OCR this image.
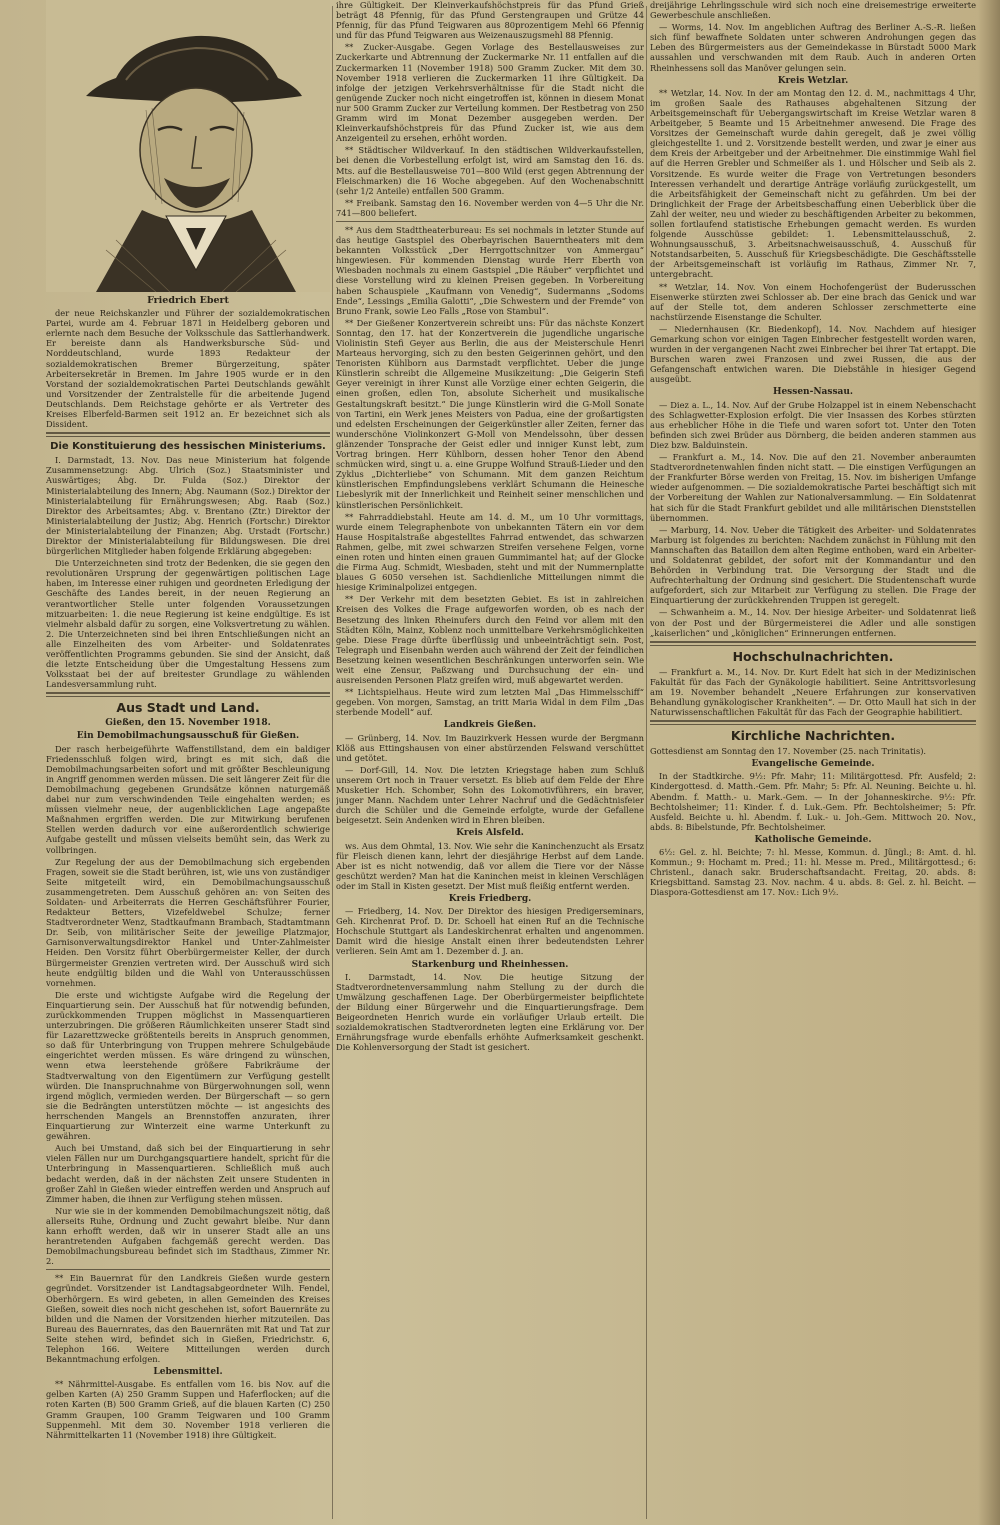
Friedrich Ebert

der neue Reichskanzler und Führer der sozialdemokratischen Partei, wurde am 4. Februar 1871 in Heidelberg geboren und erlernte nach dem Besuche der Volksschule das Sattlerhandwerk. Er bereiste dann als Handwerksbursche Süd- und Norddeutschland, wurde 1893 Redakteur der sozialdemokratischen Bremer Bürgerzeitung, später Arbeitersekretär in Bremen. Im Jahre 1905 wurde er in den Vorstand der sozialdemokratischen Partei Deutschlands gewählt und Vorsitzender der Zentralstelle für die arbeitende Jugend Deutschlands. Dem Reichstage gehörte er als Vertreter des Kreises Elberfeld-Barmen seit 1912 an. Er bezeichnet sich als Dissident.

Die Konstituierung des hessischen Ministeriums.

I. Darmstadt, 13. Nov. Das neue Ministerium hat folgende Zusammensetzung: Abg. Ulrich (Soz.) Staatsminister und Auswärtiges; Abg. Dr. Fulda (Soz.) Direktor der Ministerialabteilung des Innern; Abg. Naumann (Soz.) Direktor der Ministerialabteilung für Ernährungswesen; Abg. Raab (Soz.) Direktor des Arbeitsamtes; Abg. v. Brentano (Ztr.) Direktor der Ministerialabteilung der Justiz; Abg. Henrich (Fortschr.) Direktor der Ministerialabteilung der Finanzen; Abg. Urstadt (Fortschr.) Direktor der Ministerialabteilung für Bildungswesen. Die drei bürgerlichen Mitglieder haben folgende Erklärung abgegeben:

Die Unterzeichneten sind trotz der Bedenken, die sie gegen den revolutionären Ursprung der gegenwärtigen politischen Lage haben, im Interesse einer ruhigen und geordneten Erledigung der Geschäfte des Landes bereit, in der neuen Regierung an verantwortlicher Stelle unter folgenden Voraussetzungen mitzuarbeiten: 1. die neue Regierung ist keine endgültige. Es ist vielmehr alsbald dafür zu sorgen, eine Volksvertretung zu wählen. 2. Die Unterzeichneten sind bei ihren Entschließungen nicht an alle Einzelheiten des vom Arbeiter- und Soldatenrates veröffentlichten Programms gebunden. Sie sind der Ansicht, daß die letzte Entscheidung über die Umgestaltung Hessens zum Volksstaat bei der auf breitester Grundlage zu wählenden Landesversammlung ruht.

Aus Stadt und Land.
Gießen, den 15. November 1918.
Ein Demobilmachungsausschuß für Gießen.

Der rasch herbeigeführte Waffenstillstand, dem ein baldiger Friedensschluß folgen wird, bringt es mit sich, daß die Demobilmachungsarbeiten sofort und mit größter Beschleunigung in Angriff genommen werden müssen. Die seit längerer Zeit für die Demobilmachung gegebenen Grundsätze können naturgemäß dabei nur zum verschwindenden Teile eingehalten werden; es müssen vielmehr neue, der augenblicklichen Lage angepaßte Maßnahmen ergriffen werden. Die zur Mitwirkung berufenen Stellen werden dadurch vor eine außerordentlich schwierige Aufgabe gestellt und müssen vielseits bemüht sein, das Werk zu vollbringen.

Zur Regelung der aus der Demobilmachung sich ergebenden Fragen, soweit sie die Stadt berühren, ist, wie uns von zuständiger Seite mitgeteilt wird, ein Demobilmachungsausschuß zusammengetreten. Dem Ausschuß gehören an: von Seiten des Soldaten- und Arbeiterrats die Herren Geschäftsführer Fourier, Redakteur Betters, Vizefeldwebel Schulze; ferner Stadtverordneter Wenz, Stadtkaufmann Brambach, Stadtamtmann Dr. Seib, von militärischer Seite der jeweilige Platzmajor, Garnisonverwaltungsdirektor Hankel und Unter-Zahlmeister Heiden. Den Vorsitz führt Oberbürgermeister Keller, der durch Bürgermeister Grenzien vertreten wird. Der Ausschuß wird sich heute endgültig bilden und die Wahl von Unterausschüssen vornehmen.

Die erste und wichtigste Aufgabe wird die Regelung der Einquartierung sein. Der Ausschuß hat für notwendig befunden, zurückkommenden Truppen möglichst in Massenquartieren unterzubringen. Die größeren Räumlichkeiten unserer Stadt sind für Lazarettzwecke größtenteils bereits in Anspruch genommen, so daß für Unterbringung von Truppen mehrere Schulgebäude eingerichtet werden müssen. Es wäre dringend zu wünschen, wenn etwa leerstehende größere Fabrikräume der Stadtverwaltung von den Eigentümern zur Verfügung gestellt würden. Die Inanspruchnahme von Bürgerwohnungen soll, wenn irgend möglich, vermieden werden. Der Bürgerschaft — so gern sie die Bedrängten unterstützen möchte — ist angesichts des herrschenden Mangels an Brennstoffen anzuraten, ihrer Einquartierung zur Winterzeit eine warme Unterkunft zu gewähren.

Auch bei Umstand, daß sich bei der Einquartierung in sehr vielen Fällen nur um Durchgangsquartiere handelt, spricht für die Unterbringung in Massenquartieren. Schließlich muß auch bedacht werden, daß in der nächsten Zeit unsere Studenten in großer Zahl in Gießen wieder eintreffen werden und Anspruch auf Zimmer haben, die ihnen zur Verfügung stehen müssen.

Nur wie sie in der kommenden Demobilmachungszeit nötig, daß allerseits Ruhe, Ordnung und Zucht gewahrt bleibe. Nur dann kann erhofft werden, daß wir in unserer Stadt alle an uns herantretenden Aufgaben fachgemäß gerecht werden. Das Demobilmachungsbureau befindet sich im Stadthaus, Zimmer Nr. 2.

** Ein Bauernrat für den Landkreis Gießen wurde gestern gegründet. Vorsitzender ist Landtagsabgeordneter Wilh. Fendel, Oberhörgern. Es wird gebeten, in allen Gemeinden des Kreises Gießen, soweit dies noch nicht geschehen ist, sofort Bauernräte zu bilden und die Namen der Vorsitzenden hierher mitzuteilen. Das Bureau des Bauernrates, das den Bauernräten mit Rat und Tat zur Seite stehen wird, befindet sich in Gießen, Friedrichstr. 6, Telephon 166. Weitere Mitteilungen werden durch Bekanntmachung erfolgen.

Lebensmittel.

** Nährmittel-Ausgabe. Es entfallen vom 16. bis Nov. auf die gelben Karten (A) 250 Gramm Suppen und Haferflocken; auf die roten Karten (B) 500 Gramm Grieß, auf die blauen Karten (C) 250 Gramm Graupen, 100 Gramm Teigwaren und 100 Gramm Suppenmehl. Mit dem 30. November 1918 verlieren die Nährmittelkarten 11 (November 1918) ihre Gültigkeit.

ihre Gültigkeit. Der Kleinverkaufshöchstpreis für das Pfund Grieß beträgt 48 Pfennig, für das Pfund Gerstengraupen und Grütze 44 Pfennig, für das Pfund Teigwaren aus 80prozentigem Mehl 66 Pfennig und für das Pfund Teigwaren aus Weizenauszugsmehl 88 Pfennig.

** Zucker-Ausgabe. Gegen Vorlage des Bestellausweises zur Zuckerkarte und Abtrennung der Zuckermarke Nr. 11 entfallen auf die Zuckermarken 11 (November 1918) 500 Gramm Zucker. Mit dem 30. November 1918 verlieren die Zuckermarken 11 ihre Gültigkeit. Da infolge der jetzigen Verkehrsverhältnisse für die Stadt nicht die genügende Zucker noch nicht eingetroffen ist, können in diesem Monat nur 500 Gramm Zucker zur Verteilung kommen. Der Restbetrag von 250 Gramm wird im Monat Dezember ausgegeben werden. Der Kleinverkaufshöchstpreis für das Pfund Zucker ist, wie aus dem Anzeigenteil zu ersehen, erhöht worden.

** Städtischer Wildverkauf. In den städtischen Wildverkaufsstellen, bei denen die Vorbestellung erfolgt ist, wird am Samstag den 16. ds. Mts. auf die Bestellausweise 701—800 Wild (erst gegen Abtrennung der Fleischmarken) die 16 Woche abgegeben. Auf den Wochenabschnitt (sehr 1/2 Anteile) entfallen 500 Gramm.

** Freibank. Samstag den 16. November werden von 4—5 Uhr die Nr. 741—800 beliefert.

** Aus dem Stadttheaterbureau: Es sei nochmals in letzter Stunde auf das heutige Gastspiel des Oberbayrischen Bauerntheaters mit dem bekannten Volksstück „Der Herrgottschnitzer von Ammergau“ hingewiesen. Für kommenden Dienstag wurde Herr Eberth von Wiesbaden nochmals zu einem Gastspiel „Die Räuber“ verpflichtet und diese Vorstellung wird zu kleinen Preisen gegeben. In Vorbereitung haben Schauspiele „Kaufmann von Venedig“, Sudermanns „Sodoms Ende“, Lessings „Emilia Galotti“, „Die Schwestern und der Fremde“ von Bruno Frank, sowie Leo Falls „Rose von Stambul“.

** Der Gießener Konzertverein schreibt uns: Für das nächste Konzert Sonntag, den 17. hat der Konzertverein die jugendliche ungarische Violinistin Stefi Geyer aus Berlin, die aus der Meisterschule Henri Marteaus hervorging, sich zu den besten Geigerinnen gehört, und den Tenoristen Kühlborn aus Darmstadt verpflichtet. Ueber die junge Künstlerin schreibt die Allgemeine Musikzeitung: „Die Geigerin Stefi Geyer vereinigt in ihrer Kunst alle Vorzüge einer echten Geigerin, die einen großen, edlen Ton, absolute Sicherheit und musikalische Gestaltungskraft besitzt.“ Die junge Künstlerin wird die G-Moll Sonate von Tartini, ein Werk jenes Meisters von Padua, eine der großartigsten und edelsten Erscheinungen der Geigerkünstler aller Zeiten, ferner das wunderschöne Violinkonzert G-Moll von Mendelssohn, über dessen glänzender Tonsprache der Geist edler und inniger Kunst lebt, zum Vortrag bringen. Herr Kühlborn, dessen hoher Tenor den Abend schmücken wird, singt u. a. eine Gruppe Wolfund Strauß-Lieder und den Zyklus „Dichterliebe“ von Schumann. Mit dem ganzen Reichtum künstlerischen Empfindungslebens verklärt Schumann die Heinesche Liebeslyrik mit der Innerlichkeit und Reinheit seiner menschlichen und künstlerischen Persönlichkeit.

** Fahrraddiebstahl. Heute am 14. d. M., um 10 Uhr vormittags, wurde einem Telegraphenbote von unbekannten Tätern ein vor dem Hause Hospitalstraße abgestelltes Fahrrad entwendet, das schwarzen Rahmen, gelbe, mit zwei schwarzen Streifen versehene Felgen, vorne einen roten und hinten einen grauen Gummimantel hat; auf der Glocke die Firma Aug. Schmidt, Wiesbaden, steht und mit der Nummernplatte blaues G 6050 versehen ist. Sachdienliche Mitteilungen nimmt die hiesige Kriminalpolizei entgegen.

** Der Verkehr mit dem besetzten Gebiet. Es ist in zahlreichen Kreisen des Volkes die Frage aufgeworfen worden, ob es nach der Besetzung des linken Rheinufers durch den Feind vor allem mit den Städten Köln, Mainz, Koblenz noch unmittelbare Verkehrsmöglichkeiten gebe. Diese Frage dürfte überflüssig und unbeeinträchtigt sein. Post, Telegraph und Eisenbahn werden auch während der Zeit der feindlichen Besetzung keinen wesentlichen Beschränkungen unterworfen sein. Wie weit eine Zensur, Paßzwang und Durchsuchung der ein- und ausreisenden Personen Platz greifen wird, muß abgewartet werden.

** Lichtspielhaus. Heute wird zum letzten Mal „Das Himmelsschiff“ gegeben. Von morgen, Samstag, an tritt Maria Widal in dem Film „Das sterbende Modell“ auf.

Landkreis Gießen.

— Grünberg, 14. Nov. Im Bauzirkverk Hessen wurde der Bergmann Klöß aus Ettingshausen von einer abstürzenden Felswand verschüttet und getötet.

— Dorf-Gill, 14. Nov. Die letzten Kriegstage haben zum Schluß unserem Ort noch in Trauer versetzt. Es blieb auf dem Felde der Ehre Musketier Hch. Schomber, Sohn des Lokomotivführers, ein braver, junger Mann. Nachdem unter Lehrer Nachruf und die Gedächtnisfeier durch die Schüler und die Gemeinde erfolgte, wurde der Gefallene beigesetzt. Sein Andenken wird in Ehren bleiben.

Kreis Alsfeld.

ws. Aus dem Ohmtal, 13. Nov. Wie sehr die Kaninchenzucht als Ersatz für Fleisch dienen kann, lehrt der diesjährige Herbst auf dem Lande. Aber ist es nicht notwendig, daß vor allem die Tiere vor der Nässe geschützt werden? Man hat die Kaninchen meist in kleinen Verschlägen oder im Stall in Kisten gesetzt. Der Mist muß fleißig entfernt werden.

Kreis Friedberg.

— Friedberg, 14. Nov. Der Direktor des hiesigen Predigerseminars, Geh. Kirchenrat Prof. D. Dr. Schoell hat einen Ruf an die Technische Hochschule Stuttgart als Landeskirchenrat erhalten und angenommen. Damit wird die hiesige Anstalt einen ihrer bedeutendsten Lehrer verlieren. Sein Amt am 1. Dezember d. J. an.

Starkenburg und Rheinhessen.

I. Darmstadt, 14. Nov. Die heutige Sitzung der Stadtverordnetenversammlung nahm Stellung zu der durch die Umwälzung geschaffenen Lage. Der Oberbürgermeister beipflichtete der Bildung einer Bürgerwehr und die Einquartierungsfrage. Dem Beigeordneten Henrich wurde ein vorläufiger Urlaub erteilt. Die sozialdemokratischen Stadtverordneten legten eine Erklärung vor. Der Ernährungsfrage wurde ebenfalls erhöhte Aufmerksamkeit geschenkt. Die Kohlenversorgung der Stadt ist gesichert.

dreijährige Lehrlingsschule wird sich noch eine dreisemestrige erweiterte Gewerbeschule anschließen.

— Worms, 14. Nov. Im angeblichen Auftrag des Berliner A.-S.-R. ließen sich fünf bewaffnete Soldaten unter schweren Androhungen gegen das Leben des Bürgermeisters aus der Gemeindekasse in Bürstadt 5000 Mark aussahlen und verschwanden mit dem Raub. Auch in anderen Orten Rheinhessens soll das Manöver gelungen sein.

Kreis Wetzlar.

** Wetzlar, 14. Nov. In der am Montag den 12. d. M., nachmittags 4 Uhr, im großen Saale des Rathauses abgehaltenen Sitzung der Arbeitsgemeinschaft für Uebergangswirtschaft im Kreise Wetzlar waren 8 Arbeitgeber, 5 Beamte und 15 Arbeitnehmer anwesend. Die Frage des Vorsitzes der Gemeinschaft wurde dahin geregelt, daß je zwei völlig gleichgestellte 1. und 2. Vorsitzende bestellt werden, und zwar je einer aus dem Kreis der Arbeitgeber und der Arbeitnehmer. Die einstimmige Wahl fiel auf die Herren Grebler und Schmeißer als 1. und Hölscher und Seib als 2. Vorsitzende. Es wurde weiter die Frage von Vertretungen besonders Interessen verhandelt und derartige Anträge vorläufig zurückgestellt, um die Arbeitsfähigkeit der Gemeinschaft nicht zu gefährden. Um bei der Dringlichkeit der Frage der Arbeitsbeschaffung einen Ueberblick über die Zahl der weiter, neu und wieder zu beschäftigenden Arbeiter zu bekommen, sollen fortlaufend statistische Erhebungen gemacht werden. Es wurden folgende Ausschüsse gebildet: 1. Lebensmittelausschuß, 2. Wohnungsausschuß, 3. Arbeitsnachweisausschuß, 4. Ausschuß für Notstandsarbeiten, 5. Ausschuß für Kriegsbeschädigte. Die Geschäftsstelle der Arbeitsgemeinschaft ist vorläufig im Rathaus, Zimmer Nr. 7, untergebracht.

** Wetzlar, 14. Nov. Von einem Hochofengerüst der Buderusschen Eisenwerke stürzten zwei Schlosser ab. Der eine brach das Genick und war auf der Stelle tot, dem anderen Schlosser zerschmetterte eine nachstürzende Eisenstange die Schulter.

— Niedernhausen (Kr. Biedenkopf), 14. Nov. Nachdem auf hiesiger Gemarkung schon vor einigen Tagen Einbrecher festgestellt worden waren, wurden in der vergangenen Nacht zwei Einbrecher bei ihrer Tat ertappt. Die Burschen waren zwei Franzosen und zwei Russen, die aus der Gefangenschaft entwichen waren. Die Diebstähle in hiesiger Gegend ausgeübt.

Hessen-Nassau.

— Diez a. L., 14. Nov. Auf der Grube Holzappel ist in einem Nebenschacht des Schlagwetter-Explosion erfolgt. Die vier Insassen des Korbes stürzten aus erheblicher Höhe in die Tiefe und waren sofort tot. Unter den Toten befinden sich zwei Brüder aus Dörnberg, die beiden anderen stammen aus Diez bzw. Balduinstein.

— Frankfurt a. M., 14. Nov. Die auf den 21. November anberaumten Stadtverordnetenwahlen finden nicht statt. — Die einstigen Verfügungen an der Frankfurter Börse werden von Freitag, 15. Nov. im bisherigen Umfange wieder aufgenommen. — Die sozialdemokratische Partei beschäftigt sich mit der Vorbereitung der Wahlen zur Nationalversammlung. — Ein Soldatenrat hat sich für die Stadt Frankfurt gebildet und alle militärischen Dienststellen übernommen.

— Marburg, 14. Nov. Ueber die Tätigkeit des Arbeiter- und Soldatenrates Marburg ist folgendes zu berichten: Nachdem zunächst in Fühlung mit den Mannschaften das Bataillon dem alten Regime enthoben, ward ein Arbeiter- und Soldatenrat gebildet, der sofort mit der Kommandantur und den Behörden in Verbindung trat. Die Versorgung der Stadt und die Aufrechterhaltung der Ordnung sind gesichert. Die Studentenschaft wurde aufgefordert, sich zur Mitarbeit zur Verfügung zu stellen. Die Frage der Einquartierung der zurückkehrenden Truppen ist geregelt.

— Schwanheim a. M., 14. Nov. Der hiesige Arbeiter- und Soldatenrat ließ von der Post und der Bürgermeisterei die Adler und alle sonstigen „kaiserlichen“ und „königlichen“ Erinnerungen entfernen.

Hochschulnachrichten.

— Frankfurt a. M., 14. Nov. Dr. Kurt Edelt hat sich in der Medizinischen Fakultät für das Fach der Gynäkologie habilitiert. Seine Antrittsvorlesung am 19. November behandelt „Neuere Erfahrungen zur konservativen Behandlung gynäkologischer Krankheiten“. — Dr. Otto Maull hat sich in der Naturwissenschaftlichen Fakultät für das Fach der Geographie habilitiert.

Kirchliche Nachrichten.

Gottesdienst am Sonntag den 17. November (25. nach Trinitatis).

Evangelische Gemeinde.

In der Stadtkirche. 9½: Pfr. Mahr; 11: Militärgottesd. Pfr. Ausfeld; 2: Kindergottesd. d. Matth.-Gem. Pfr. Mahr; 5: Pfr. Al. Neuning. Beichte u. hl. Abendm. f. Matth.- u. Mark.-Gem. — In der Johanneskirche. 9½: Pfr. Bechtolsheimer; 11: Kinder. f. d. Luk.-Gem. Pfr. Bechtolsheimer; 5: Pfr. Ausfeld. Beichte u. hl. Abendm. f. Luk.- u. Joh.-Gem. Mittwoch 20. Nov., abds. 8: Bibelstunde, Pfr. Bechtolsheimer.

Katholische Gemeinde.

6½: Gel. z. hl. Beichte; 7: hl. Messe, Kommun. d. Jüngl.; 8: Amt. d. hl. Kommun.; 9: Hochamt m. Pred.; 11: hl. Messe m. Pred., Militärgottesd.; 6: Christenl., danach sakr. Bruderschaftsandacht. Freitag, 20. abds. 8: Kriegsbittand. Samstag 23. Nov. nachm. 4 u. abds. 8: Gel. z. hl. Beicht. — Diaspora-Gottesdienst am 17. Nov.: Lich 9½.
